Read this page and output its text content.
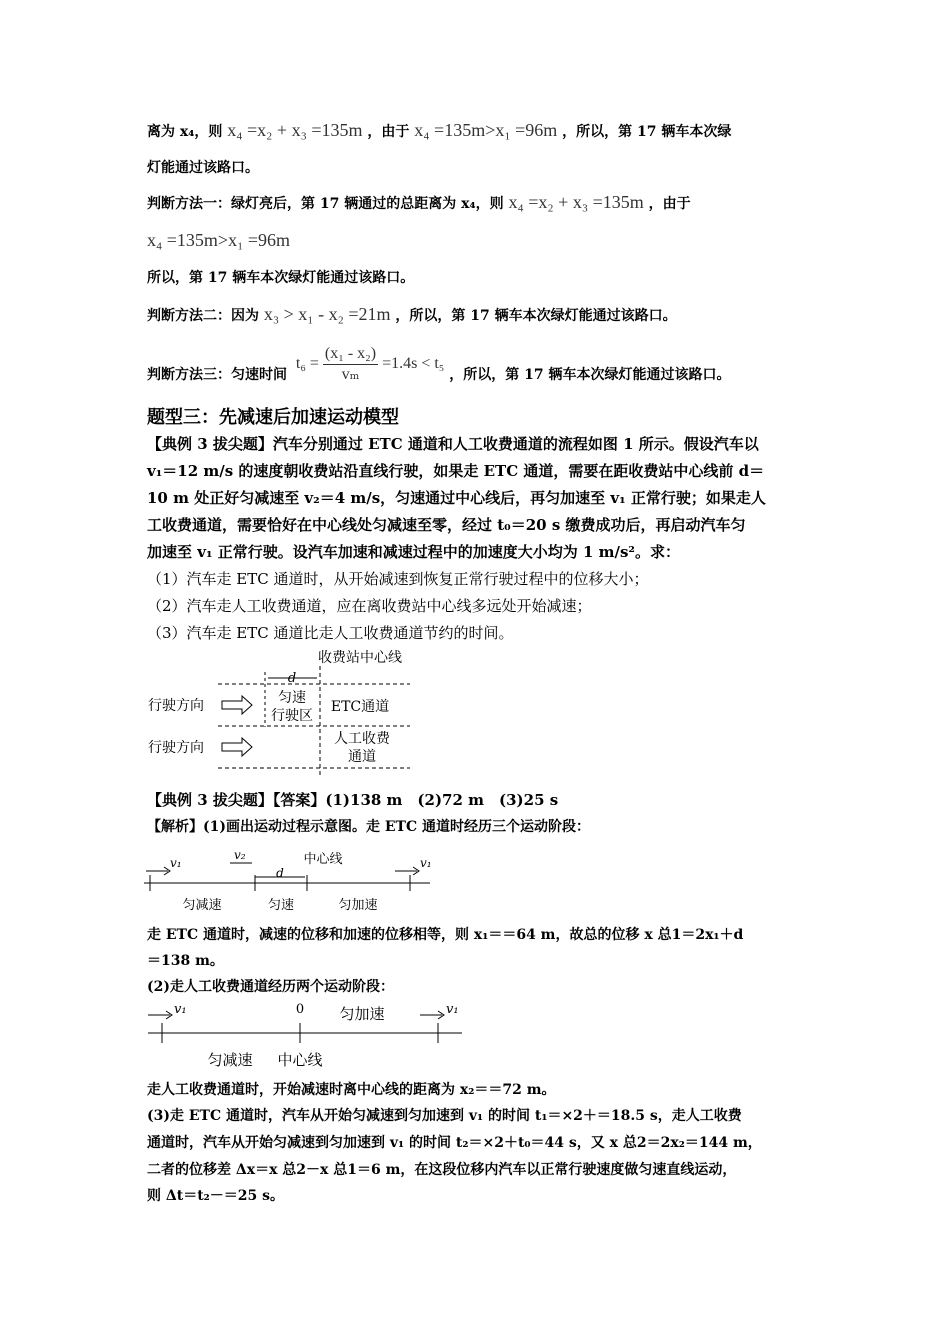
离为 x₄，则 x₄ =x₂ + x₃ =135m ，由于 x₄ =135m>x₁ =96m ，所以，第 17 辆车本次绿
灯能通过该路口。
判断方法一：绿灯亮后，第 17 辆通过的总距离为 x₄，则 x₄ =x₂ + x₃ =135m ，由于
x₄ =135m>x₁ =96m
所以，第 17 辆车本次绿灯能通过该路口。
判断方法二：因为 x₃ > x₁ - x₂ =21m ，所以，第 17 辆车本次绿灯能通过该路口。
判断方法三：匀速时间 $t_6 = \frac{\text{(x₁ - x₂)}}{\text{vₘ}} =1.4s < t_5$ ，所以，第 17 辆车本次绿灯能通过该路口。
题型三：先减速后加速运动模型
【典例 3 拔尖题】汽车分别通过 ETC 通道和人工收费通道的流程如图 1 所示。假设汽车以
v₁＝12 m/s 的速度朝收费站沿直线行驶，如果走 ETC 通道，需要在距收费站中心线前 d＝
10 m 处正好匀减速至 v₂＝4 m/s，匀速通过中心线后，再匀加速至 v₁ 正常行驶；如果走人
工收费通道，需要恰好在中心线处匀减速至零，经过 t₀＝20 s 缴费成功后，再启动汽车匀
加速至 v₁ 正常行驶。设汽车加速和减速过程中的加速度大小均为 1 m/s²。求：
（1）汽车走 ETC 通道时，从开始减速到恢复正常行驶过程中的位移大小；
（2）汽车走人工收费通道，应在离收费站中心线多远处开始减速；
（3）汽车走 ETC 通道比走人工收费通道节约的时间。
收费站中心线
d
行驶方向
行驶方向
匀速
行驶区
ETC通道
人工收费
通道
【典例 3 拔尖题】【答案】(1)138 m　(2)72 m　(3)25 s
【解析】(1)画出运动过程示意图。走 ETC 通道时经历三个运动阶段：
v₁
v₂	中心线
d
v₁
匀减速	匀速	匀加速
走 ETC 通道时，减速的位移和加速的位移相等，则 x₁＝＝64 m，故总的位移 x 总1＝2x₁＋d
＝138 m。
(2)走人工收费通道经历两个运动阶段：
v₁	0 匀加速	v₁
匀减速 中心线
走人工收费通道时，开始减速时离中心线的距离为 x₂＝＝72 m。
(3)走 ETC 通道时，汽车从开始匀减速到匀加速到 v₁ 的时间 t₁＝×2＋＝18.5 s，走人工收费
通道时，汽车从开始匀减速到匀加速到 v₁ 的时间 t₂＝×2＋t₀＝44 s，又 x 总2＝2x₂＝144 m，
二者的位移差 Δx＝x 总2－x 总1＝6 m，在这段位移内汽车以正常行驶速度做匀速直线运动，
则 Δt＝t₂－＝25 s。
